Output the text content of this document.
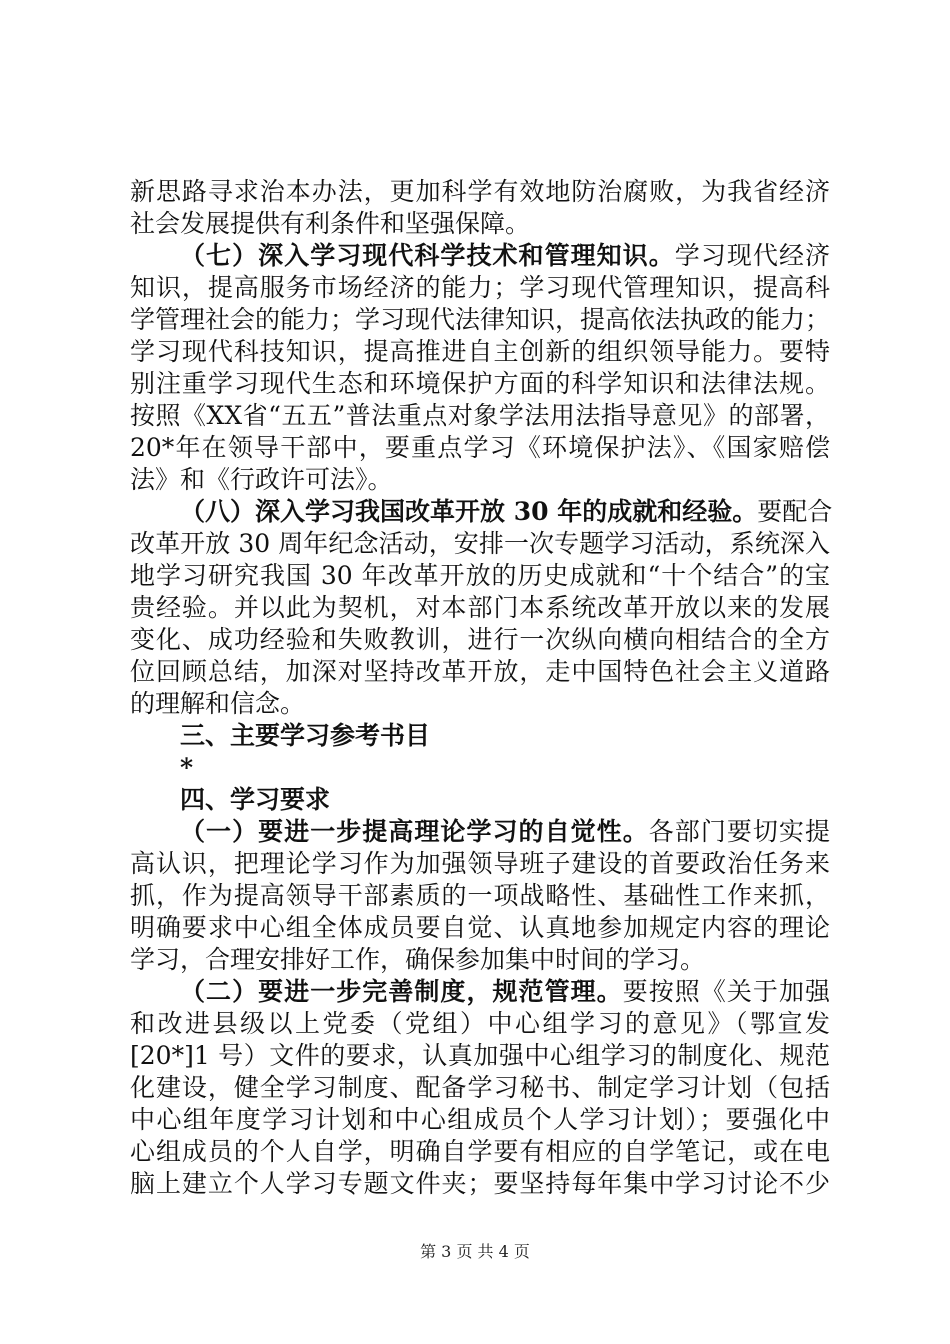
新思路寻求治本办法，更加科学有效地防治腐败，为我省经济
社会发展提供有利条件和坚强保障。
（七）深入学习现代科学技术和管理知识。学习现代经济
知识，提高服务市场经济的能力；学习现代管理知识，提高科
学管理社会的能力；学习现代法律知识，提高依法执政的能力；
学习现代科技知识，提高推进自主创新的组织领导能力。要特
别注重学习现代生态和环境保护方面的科学知识和法律法规。
按照《XX省“五五”普法重点对象学法用法指导意见》的部署，
20*年在领导干部中，要重点学习《环境保护法》、《国家赔偿
法》和《行政许可法》。
（八）深入学习我国改革开放 30 年的成就和经验。要配合
改革开放 30 周年纪念活动，安排一次专题学习活动，系统深入
地学习研究我国 30 年改革开放的历史成就和“十个结合”的宝
贵经验。并以此为契机，对本部门本系统改革开放以来的发展
变化、成功经验和失败教训，进行一次纵向横向相结合的全方
位回顾总结，加深对坚持改革开放，走中国特色社会主义道路
的理解和信念。
三、主要学习参考书目
*
四、学习要求
（一）要进一步提高理论学习的自觉性。各部门要切实提
高认识，把理论学习作为加强领导班子建设的首要政治任务来
抓，作为提高领导干部素质的一项战略性、基础性工作来抓，
明确要求中心组全体成员要自觉、认真地参加规定内容的理论
学习，合理安排好工作，确保参加集中时间的学习。
（二）要进一步完善制度，规范管理。要按照《关于加强
和改进县级以上党委（党组）中心组学习的意见》（鄂宣发
[20*]1 号）文件的要求，认真加强中心组学习的制度化、规范
化建设，健全学习制度、配备学习秘书、制定学习计划（包括
中心组年度学习计划和中心组成员个人学习计划）；要强化中
心组成员的个人自学，明确自学要有相应的自学笔记，或在电
脑上建立个人学习专题文件夹；要坚持每年集中学习讨论不少
第 3 页 共 4 页
